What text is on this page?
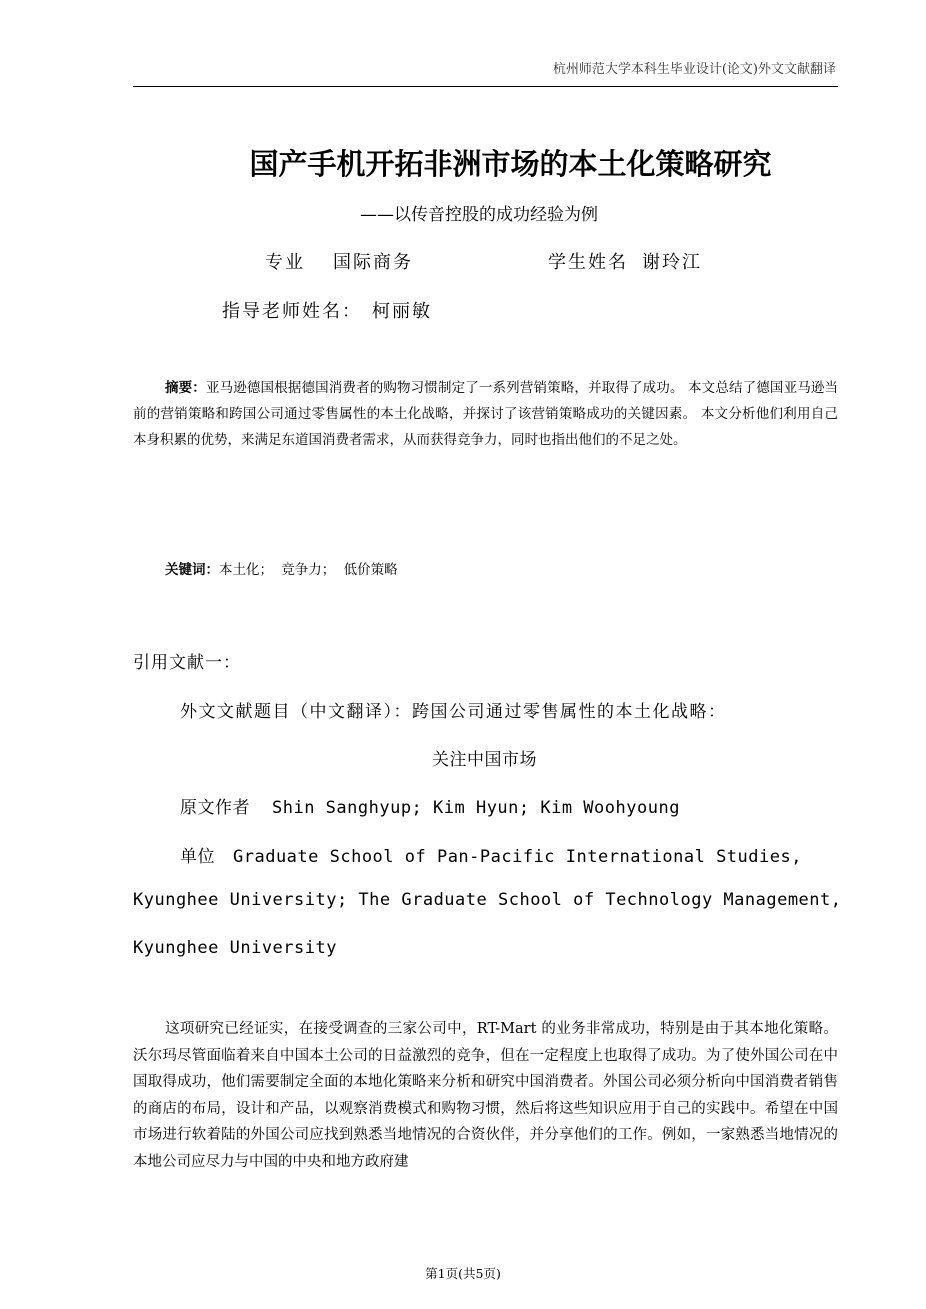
杭州师范大学本科生毕业设计(论文)外文文献翻译
国产手机开拓非洲市场的本土化策略研究
——以传音控股的成功经验为例
专业 国际商务	学生姓名 谢玲江
指导老师姓名： 柯丽敏
摘要：亚马逊德国根据德国消费者的购物习惯制定了一系列营销策略，并取得了成功。 本文总结了德国亚马逊当前的营销策略和跨国公司通过零售属性的本土化战略，并探讨了该营销策略成功的关键因素。 本文分析他们利用自己本身积累的优势，来满足东道国消费者需求，从而获得竞争力，同时也指出他们的不足之处。
关键词：本土化； 竞争力； 低价策略
引用文献一：
外文文献题目（中文翻译）：跨国公司通过零售属性的本土化战略：
关注中国市场
原文作者 Shin Sanghyup; Kim Hyun; Kim Woohyoung
单位 Graduate School of Pan-Pacific International Studies,
Kyunghee University; The Graduate School of Technology Management,
Kyunghee University
这项研究已经证实，在接受调查的三家公司中，RT-Mart 的业务非常成功，特别是由于其本地化策略。沃尔玛尽管面临着来自中国本土公司的日益激烈的竞争，但在一定程度上也取得了成功。为了使外国公司在中国取得成功，他们需要制定全面的本地化策略来分析和研究中国消费者。外国公司必须分析向中国消费者销售的商店的布局，设计和产品，以观察消费模式和购物习惯，然后将这些知识应用于自己的实践中。希望在中国市场进行软着陆的外国公司应找到熟悉当地情况的合资伙伴，并分享他们的工作。例如，一家熟悉当地情况的本地公司应尽力与中国的中央和地方政府建
第1页(共5页)
